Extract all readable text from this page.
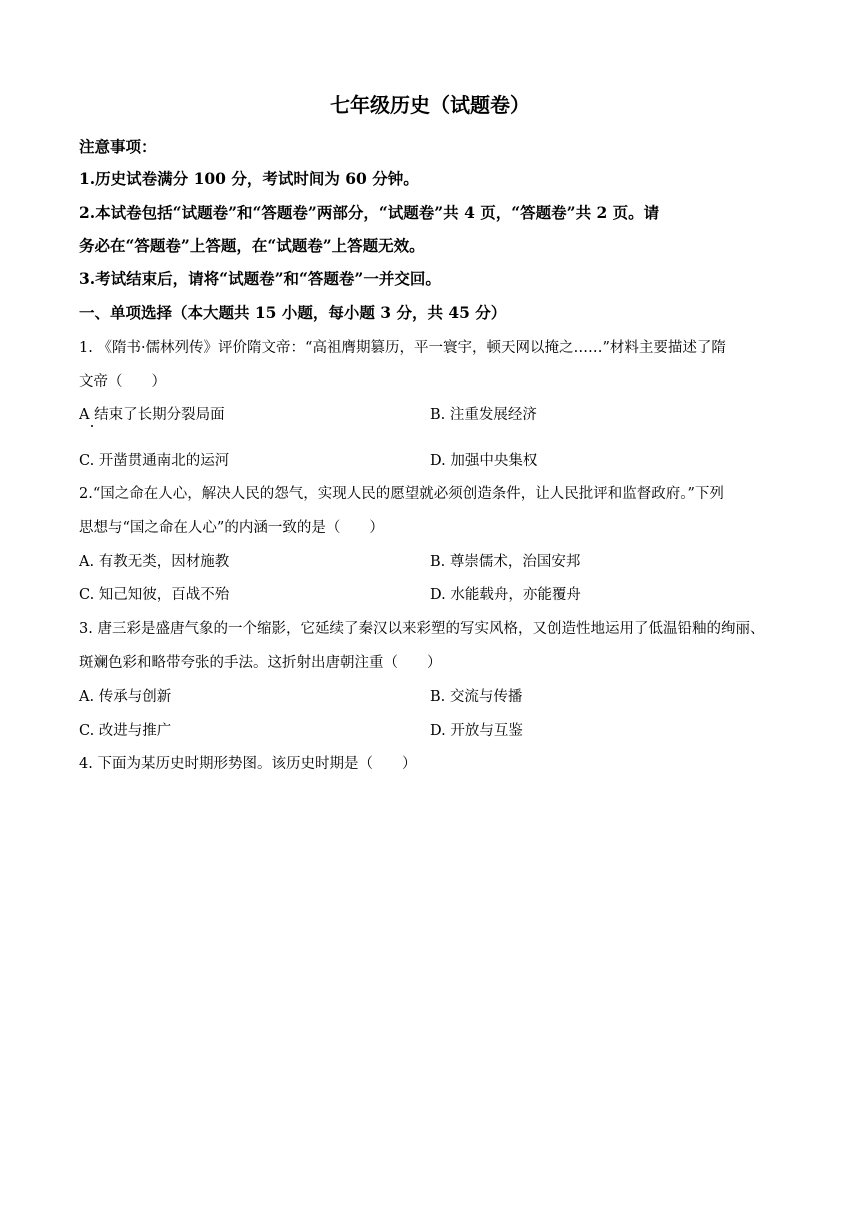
七年级历史（试题卷）
注意事项：
1.历史试卷满分 100 分，考试时间为 60 分钟。
2.本试卷包括“试题卷”和“答题卷”两部分，“试题卷”共 4 页，“答题卷”共 2 页。请
务必在“答题卷”上答题，在“试题卷”上答题无效。
3.考试结束后，请将“试题卷”和“答题卷”一并交回。
一、单项选择（本大题共 15 小题，每小题 3 分，共 45 分）
1. 《隋书·儒林列传》评价隋文帝：“高祖膺期篡历，平一寰宇，顿天网以掩之……”材料主要描述了隋
文帝（　　）
A 结束了长期分裂局面	B. 注重发展经济
C. 开凿贯通南北的运河	D. 加强中央集权
2.“国之命在人心，解决人民的怨气，实现人民的愿望就必须创造条件，让人民批评和监督政府。”下列
思想与“国之命在人心”的内涵一致的是（　　）
A. 有教无类，因材施教	B. 尊崇儒术，治国安邦
C. 知己知彼，百战不殆	D. 水能载舟，亦能覆舟
3. 唐三彩是盛唐气象的一个缩影，它延续了秦汉以来彩塑的写实风格，又创造性地运用了低温铅釉的绚丽、
斑斓色彩和略带夸张的手法。这折射出唐朝注重（　　）
A. 传承与创新	B. 交流与传播
C. 改进与推广	D. 开放与互鉴
4. 下面为某历史时期形势图。该历史时期是（　　）
